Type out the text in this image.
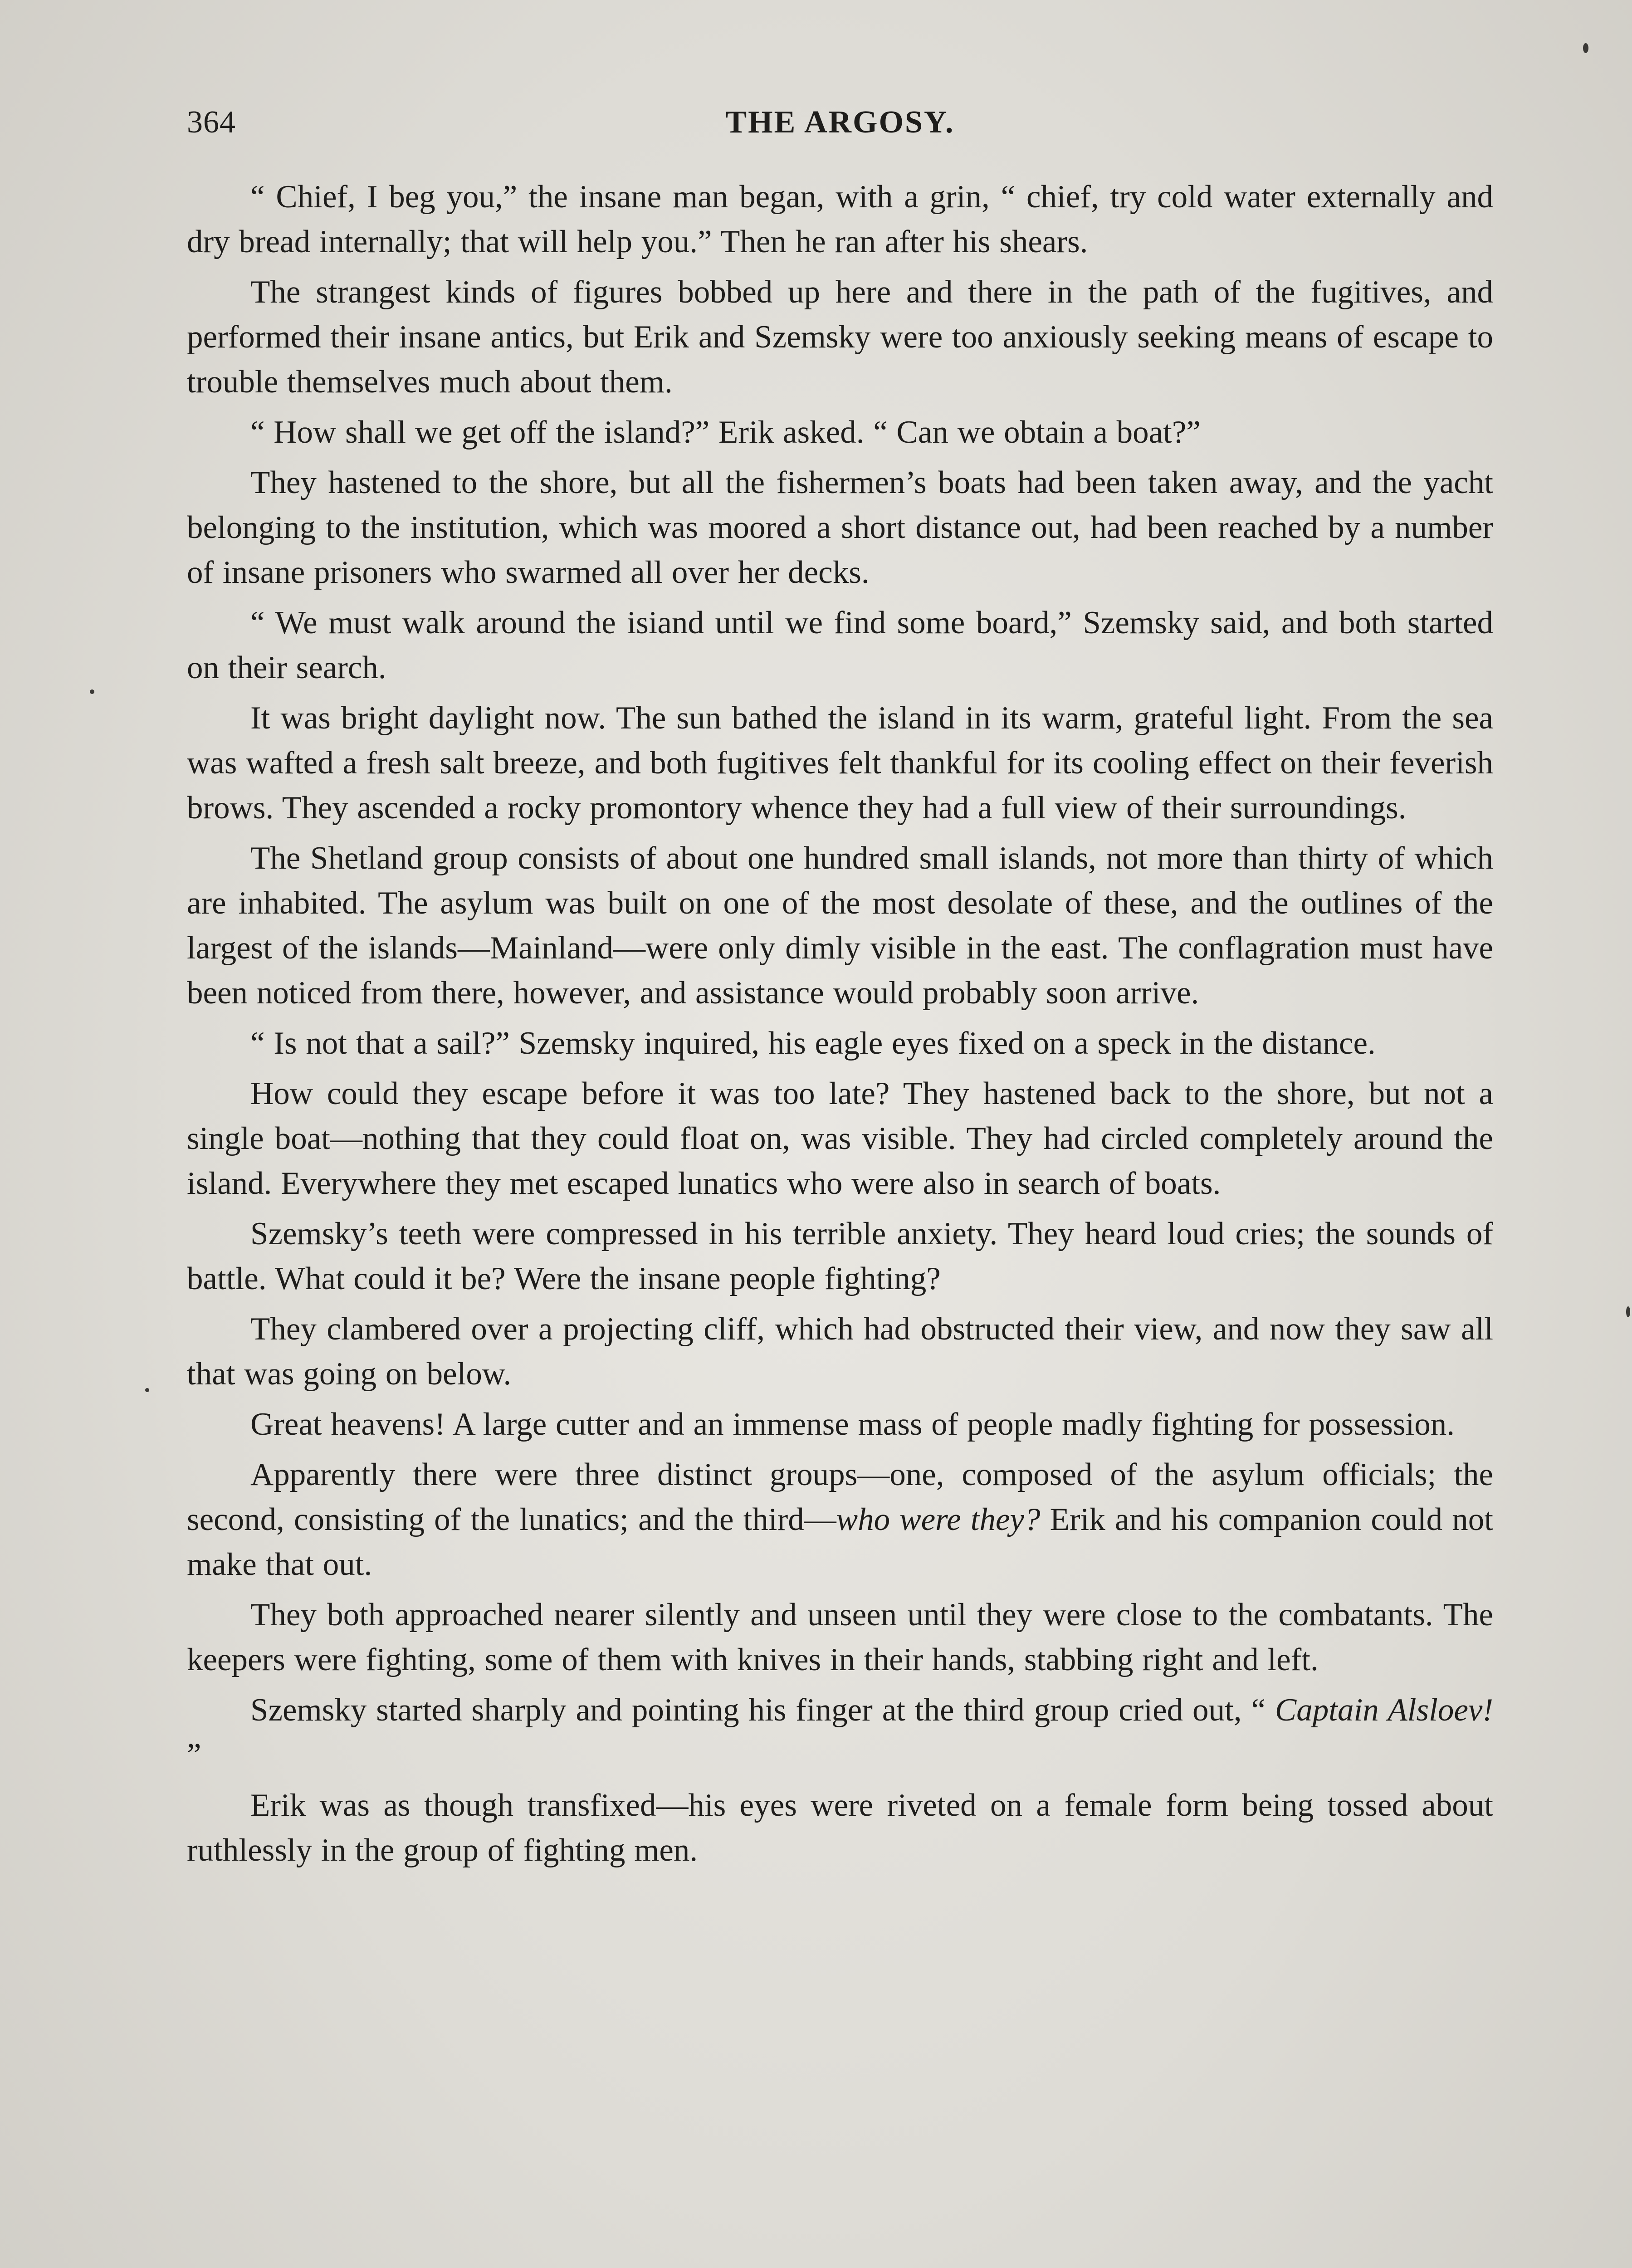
364	THE ARGOSY.

“ Chief, I beg you,” the insane man began, with a grin, “ chief, try cold water externally and dry bread internally; that will help you.” Then he ran after his shears.

The strangest kinds of figures bobbed up here and there in the path of the fugitives, and performed their insane antics, but Erik and Szemsky were too anxiously seeking means of escape to trouble themselves much about them.

“ How shall we get off the island?” Erik asked. “ Can we obtain a boat?”

They hastened to the shore, but all the fishermen’s boats had been taken away, and the yacht belonging to the institution, which was moored a short distance out, had been reached by a number of insane prisoners who swarmed all over her decks.

“ We must walk around the isiand until we find some board,” Szemsky said, and both started on their search.

It was bright daylight now. The sun bathed the island in its warm, grateful light. From the sea was wafted a fresh salt breeze, and both fugitives felt thankful for its cooling effect on their feverish brows. They ascended a rocky promontory whence they had a full view of their surroundings.

The Shetland group consists of about one hundred small islands, not more than thirty of which are inhabited. The asylum was built on one of the most desolate of these, and the outlines of the largest of the islands—Mainland—were only dimly visible in the east. The conflagration must have been noticed from there, however, and assistance would probably soon arrive.

“ Is not that a sail?” Szemsky inquired, his eagle eyes fixed on a speck in the distance.

How could they escape before it was too late? They hastened back to the shore, but not a single boat—nothing that they could float on, was visible. They had circled completely around the island. Everywhere they met escaped lunatics who were also in search of boats.

Szemsky’s teeth were compressed in his terrible anxiety. They heard loud cries; the sounds of battle. What could it be? Were the insane people fighting?

They clambered over a projecting cliff, which had obstructed their view, and now they saw all that was going on below.

Great heavens! A large cutter and an immense mass of people madly fighting for possession.

Apparently there were three distinct groups—one, composed of the asylum officials; the second, consisting of the lunatics; and the third—who were they? Erik and his companion could not make that out.

They both approached nearer silently and unseen until they were close to the combatants. The keepers were fighting, some of them with knives in their hands, stabbing right and left.

Szemsky started sharply and pointing his finger at the third group cried out, “ Captain Alsloev! ”

Erik was as though transfixed—his eyes were riveted on a female form being tossed about ruthlessly in the group of fighting men.
